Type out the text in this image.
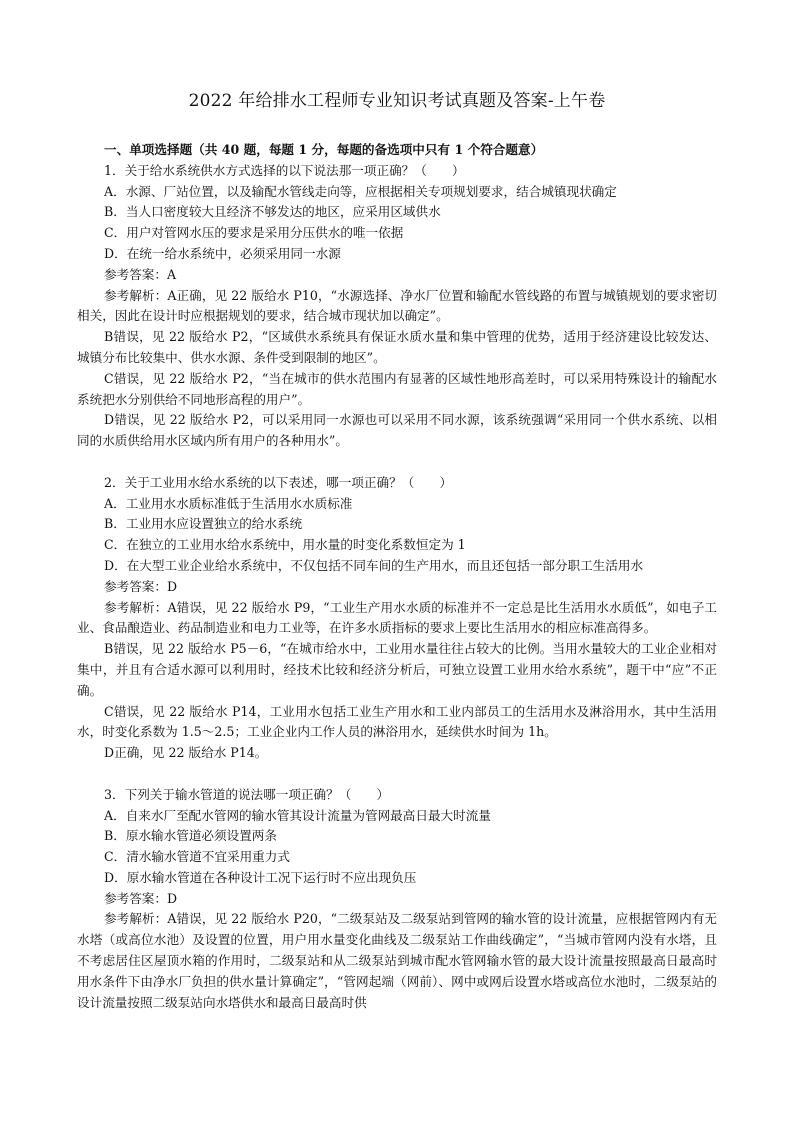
2022 年给排水工程师专业知识考试真题及答案-上午卷

一、单项选择题（共 40 题，每题 1 分，每题的备选项中只有 1 个符合题意）

1．关于给水系统供水方式选择的以下说法那一项正确？（　　）

A．水源、厂站位置，以及输配水管线走向等，应根据相关专项规划要求，结合城镇现状确定

B．当人口密度较大且经济不够发达的地区，应采用区域供水

C．用户对管网水压的要求是采用分压供水的唯一依据

D．在统一给水系统中，必须采用同一水源

参考答案：A

参考解析：A正确，见 22 版给水 P10，“水源选择、净水厂位置和输配水管线路的布置与城镇规划的要求密切相关，因此在设计时应根据规划的要求，结合城市现状加以确定”。

B错误，见 22 版给水 P2，“区域供水系统具有保证水质水量和集中管理的优势，适用于经济建设比较发达、城镇分布比较集中、供水水源、条件受到限制的地区”。

C错误，见 22 版给水 P2，“当在城市的供水范围内有显著的区域性地形高差时，可以采用特殊设计的输配水系统把水分别供给不同地形高程的用户”。

D错误，见 22 版给水 P2，可以采用同一水源也可以采用不同水源，该系统强调“采用同一个供水系统、以相同的水质供给用水区域内所有用户的各种用水”。

2．关于工业用水给水系统的以下表述，哪一项正确？（　　）

A．工业用水水质标准低于生活用水水质标准

B．工业用水应设置独立的给水系统

C．在独立的工业用水给水系统中，用水量的时变化系数恒定为 1

D．在大型工业企业给水系统中，不仅包括不同车间的生产用水，而且还包括一部分职工生活用水

参考答案：D

参考解析：A错误，见 22 版给水 P9，“工业生产用水水质的标准并不一定总是比生活用水水质低”，如电子工业、食品酿造业、药品制造业和电力工业等，在许多水质指标的要求上要比生活用水的相应标准高得多。

B错误，见 22 版给水 P5－6，“在城市给水中，工业用水量往往占较大的比例。当用水量较大的工业企业相对集中，并且有合适水源可以利用时，经技术比较和经济分析后，可独立设置工业用水给水系统”，题干中“应”不正确。

C错误，见 22 版给水 P14，工业用水包括工业生产用水和工业内部员工的生活用水及淋浴用水，其中生活用水，时变化系数为 1.5～2.5；工业企业内工作人员的淋浴用水，延续供水时间为 1h。

D正确，见 22 版给水 P14。

3．下列关于输水管道的说法哪一项正确？（　　）

A．自来水厂至配水管网的输水管其设计流量为管网最高日最大时流量

B．原水输水管道必须设置两条

C．清水输水管道不宜采用重力式

D．原水输水管道在各种设计工况下运行时不应出现负压

参考答案：D

参考解析：A错误，见 22 版给水 P20，“二级泵站及二级泵站到管网的输水管的设计流量，应根据管网内有无水塔（或高位水池）及设置的位置，用户用水量变化曲线及二级泵站工作曲线确定”，“当城市管网内没有水塔，且不考虑居住区屋顶水箱的作用时，二级泵站和从二级泵站到城市配水管网输水管的最大设计流量按照最高日最高时用水条件下由净水厂负担的供水量计算确定”，“管网起端（网前）、网中或网后设置水塔或高位水池时，二级泵站的设计流量按照二级泵站向水塔供水和最高日最高时供
